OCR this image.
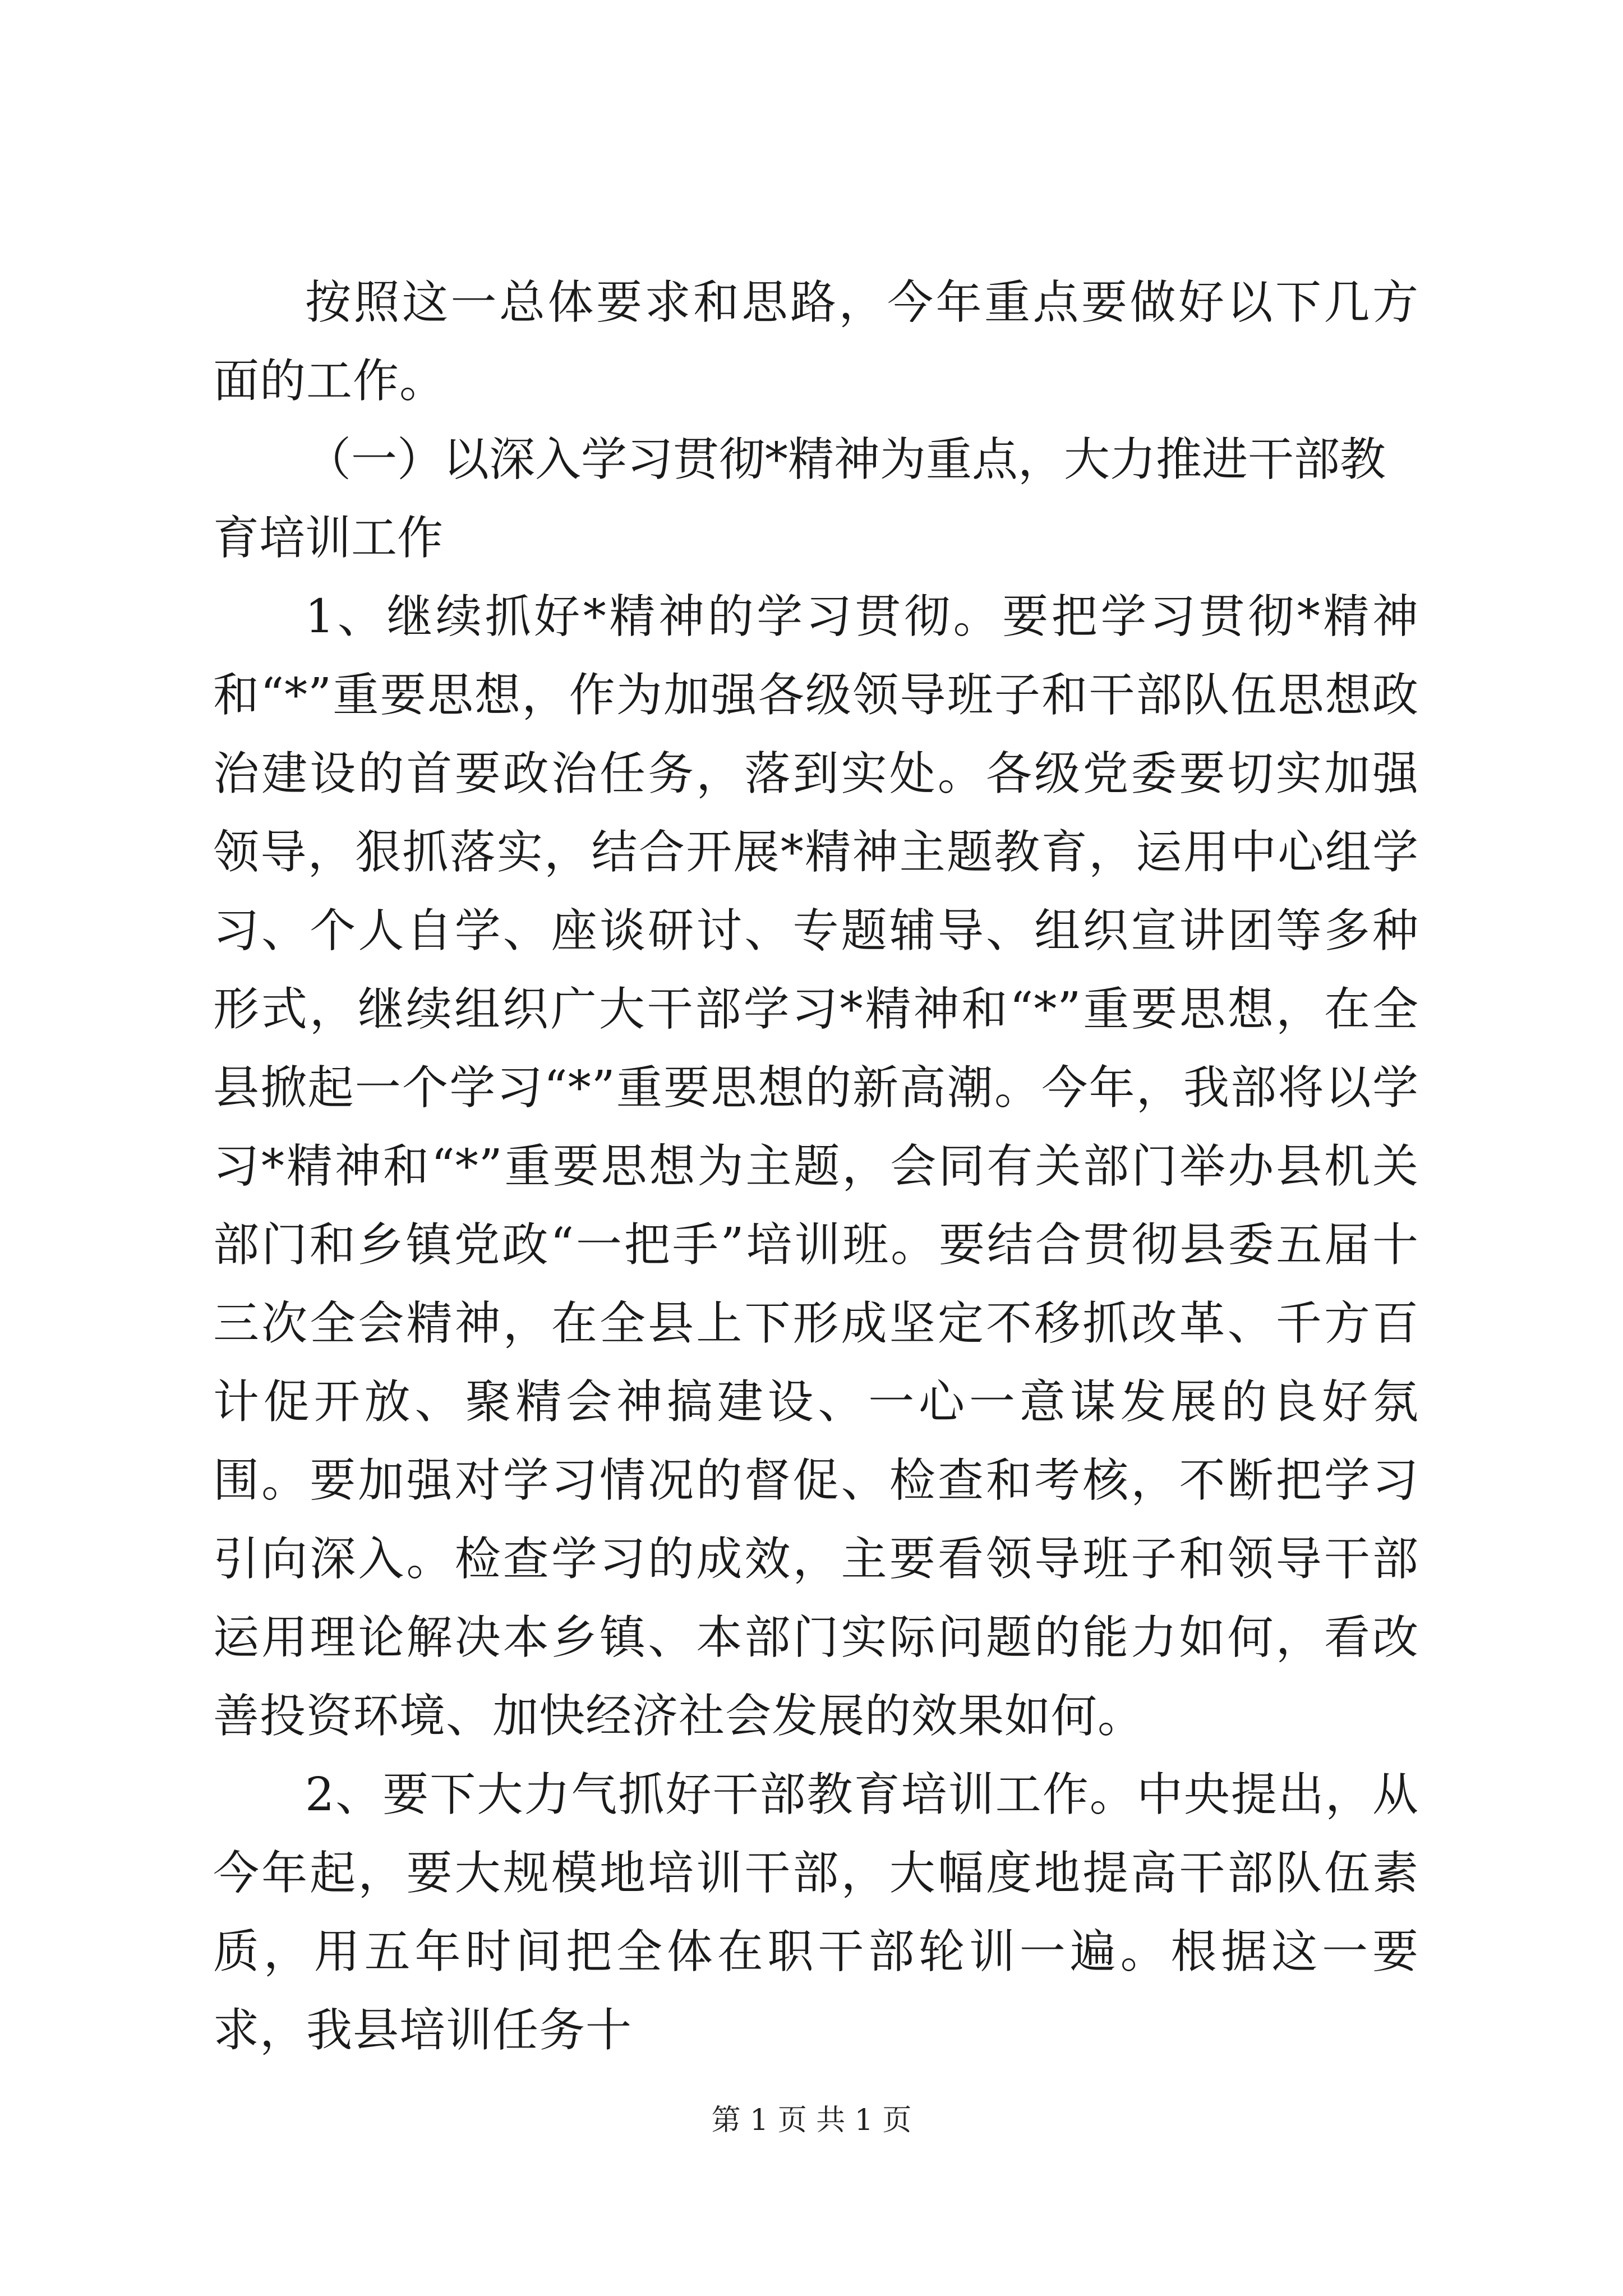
按照这一总体要求和思路，今年重点要做好以下几方面的工作。

（一）以深入学习贯彻*精神为重点，大力推进干部教育培训工作

1、继续抓好*精神的学习贯彻。要把学习贯彻*精神和“*”重要思想，作为加强各级领导班子和干部队伍思想政治建设的首要政治任务，落到实处。各级党委要切实加强领导，狠抓落实，结合开展*精神主题教育，运用中心组学习、个人自学、座谈研讨、专题辅导、组织宣讲团等多种形式，继续组织广大干部学习*精神和“*”重要思想，在全县掀起一个学习“*”重要思想的新高潮。今年，我部将以学习*精神和“*”重要思想为主题，会同有关部门举办县机关部门和乡镇党政“一把手”培训班。要结合贯彻县委五届十三次全会精神，在全县上下形成坚定不移抓改革、千方百计促开放、聚精会神搞建设、一心一意谋发展的良好氛围。要加强对学习情况的督促、检查和考核，不断把学习引向深入。检查学习的成效，主要看领导班子和领导干部运用理论解决本乡镇、本部门实际问题的能力如何，看改善投资环境、加快经济社会发展的效果如何。

2、要下大力气抓好干部教育培训工作。中央提出，从今年起，要大规模地培训干部，大幅度地提高干部队伍素质，用五年时间把全体在职干部轮训一遍。根据这一要求，我县培训任务十

第 1 页 共 1 页
